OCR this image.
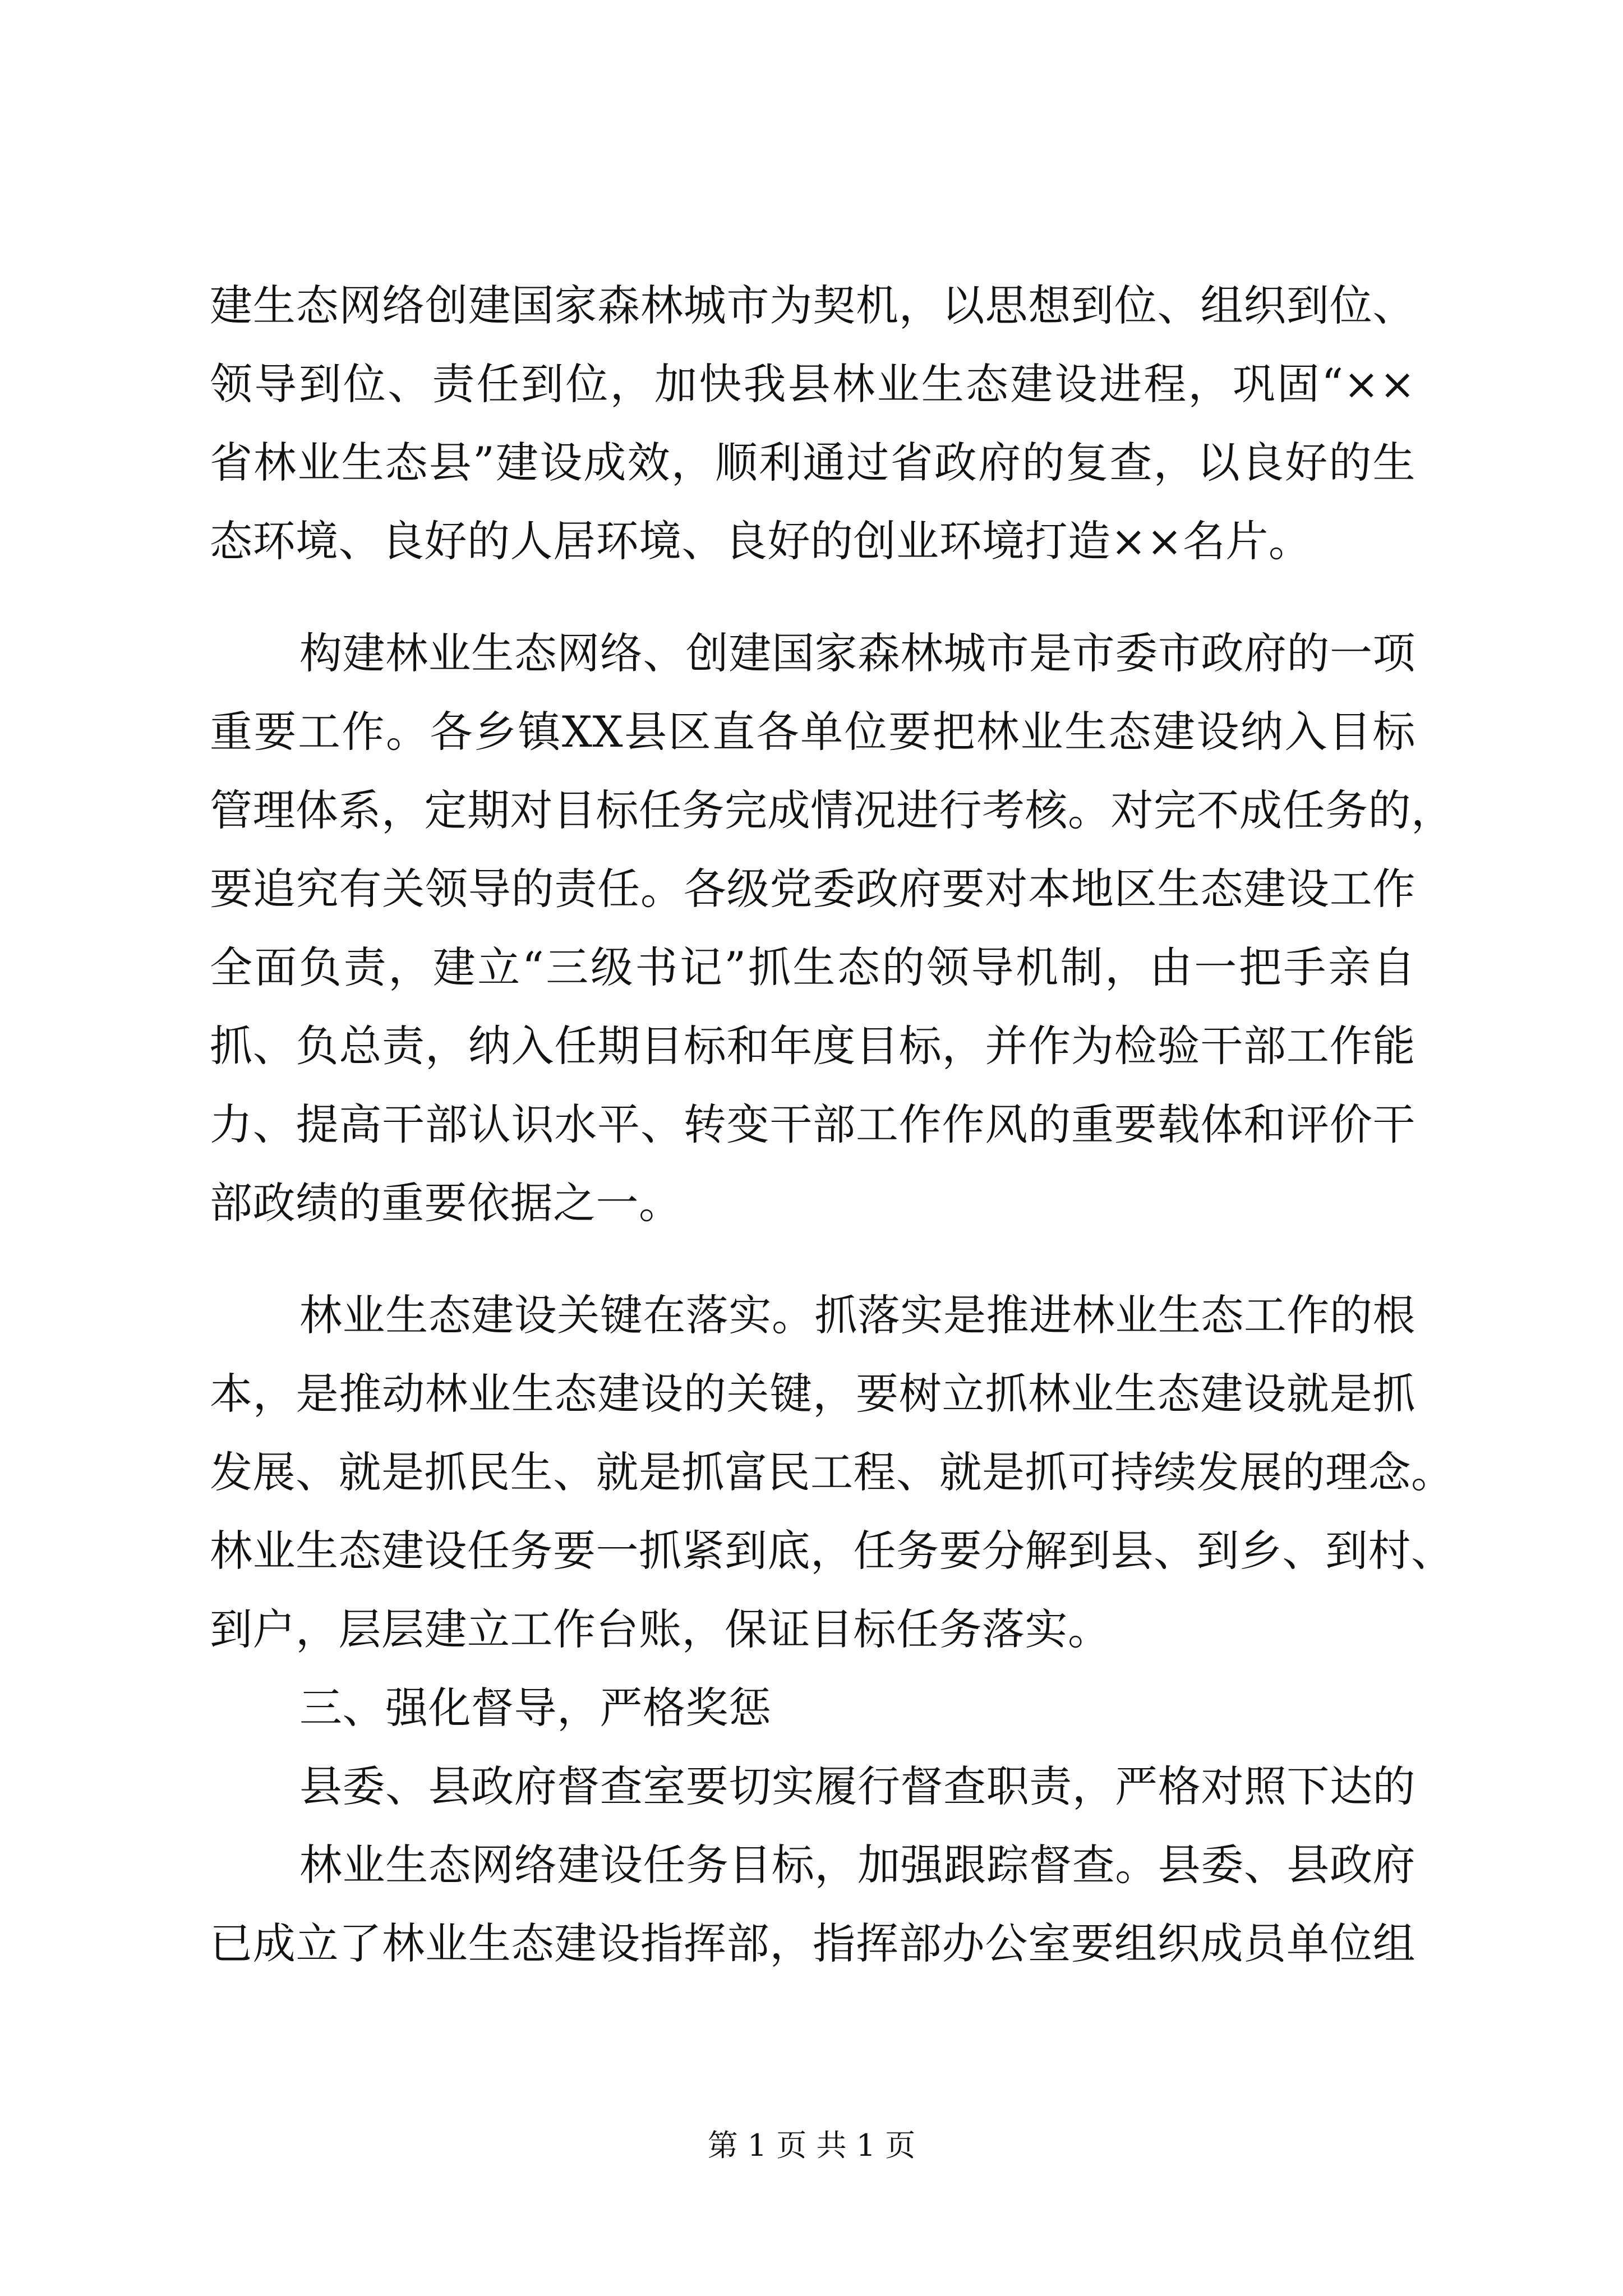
建生态网络创建国家森林城市为契机，以思想到位、组织到位、
领导到位、责任到位，加快我县林业生态建设进程，巩固“××
省林业生态县”建设成效，顺利通过省政府的复查，以良好的生
态环境、良好的人居环境、良好的创业环境打造××名片。
构建林业生态网络、创建国家森林城市是市委市政府的一项
重要工作。各乡镇XX县区直各单位要把林业生态建设纳入目标
管理体系，定期对目标任务完成情况进行考核。对完不成任务的，
要追究有关领导的责任。各级党委政府要对本地区生态建设工作
全面负责，建立“三级书记”抓生态的领导机制，由一把手亲自
抓、负总责，纳入任期目标和年度目标，并作为检验干部工作能
力、提高干部认识水平、转变干部工作作风的重要载体和评价干
部政绩的重要依据之一。
林业生态建设关键在落实。抓落实是推进林业生态工作的根
本，是推动林业生态建设的关键，要树立抓林业生态建设就是抓
发展、就是抓民生、就是抓富民工程、就是抓可持续发展的理念。
林业生态建设任务要一抓紧到底，任务要分解到县、到乡、到村、
到户，层层建立工作台账，保证目标任务落实。
三、强化督导，严格奖惩
县委、县政府督查室要切实履行督查职责，严格对照下达的
林业生态网络建设任务目标，加强跟踪督查。县委、县政府
已成立了林业生态建设指挥部，指挥部办公室要组织成员单位组
第 1 页 共 1 页
